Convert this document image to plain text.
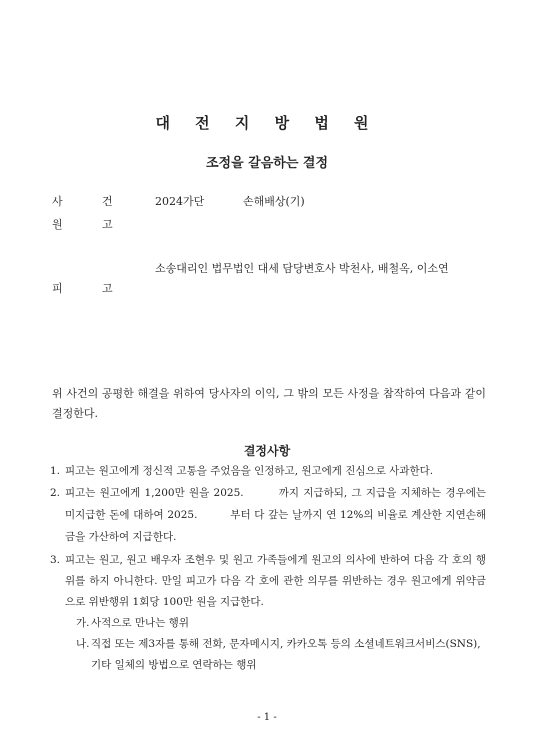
대 전 지 방 법 원
조정을 갈음하는 결정
사	건	2024가단	손해배상(기)
원	고
소송대리인 법무법인 대세 담당변호사 박천사, 배철옥, 이소연
피	고
위 사건의 공평한 해결을 위하여 당사자의 이익, 그 밖의 모든 사정을 참작하여 다음과 같이 결정한다.
결정사항
1. 피고는 원고에게 정신적 고통을 주었음을 인정하고, 원고에게 진심으로 사과한다.
2. 피고는 원고에게 1,200만 원을 2025.　　　까지 지급하되, 그 지급을 지체하는 경우에는 미지급한 돈에 대하여 2025.　　　부터 다 갚는 날까지 연 12%의 비율로 계산한 지연손해금을 가산하여 지급한다.
3. 피고는 원고, 원고 배우자 조현우 및 원고 가족들에게 원고의 의사에 반하여 다음 각 호의 행위를 하지 아니한다. 만일 피고가 다음 각 호에 관한 의무를 위반하는 경우 원고에게 위약금으로 위반행위 1회당 100만 원을 지급한다.
가. 사적으로 만나는 행위
나. 직접 또는 제3자를 통해 전화, 문자메시지, 카카오톡 등의 소셜네트워크서비스(SNS), 기타 일체의 방법으로 연락하는 행위
- 1 -
